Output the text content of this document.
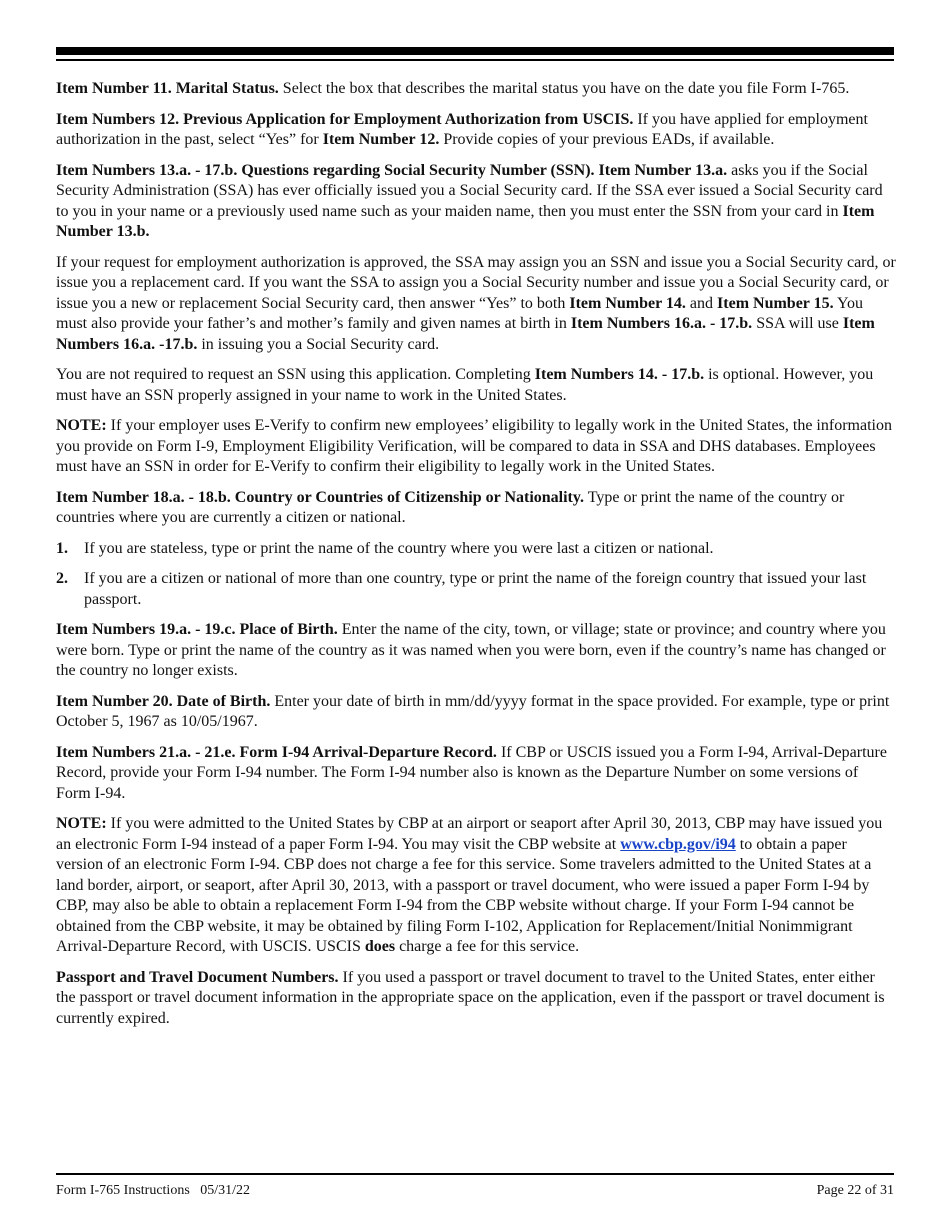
Item Number 11. Marital Status. Select the box that describes the marital status you have on the date you file Form I-765.

Item Numbers 12. Previous Application for Employment Authorization from USCIS. If you have applied for employment authorization in the past, select “Yes” for Item Number 12. Provide copies of your previous EADs, if available.

Item Numbers 13.a. - 17.b. Questions regarding Social Security Number (SSN). Item Number 13.a. asks you if the Social Security Administration (SSA) has ever officially issued you a Social Security card. If the SSA ever issued a Social Security card to you in your name or a previously used name such as your maiden name, then you must enter the SSN from your card in Item Number 13.b.

If your request for employment authorization is approved, the SSA may assign you an SSN and issue you a Social Security card, or issue you a replacement card. If you want the SSA to assign you a Social Security number and issue you a Social Security card, or issue you a new or replacement Social Security card, then answer “Yes” to both Item Number 14. and Item Number 15. You must also provide your father’s and mother’s family and given names at birth in Item Numbers 16.a. - 17.b. SSA will use Item Numbers 16.a. -17.b. in issuing you a Social Security card.

You are not required to request an SSN using this application. Completing Item Numbers 14. - 17.b. is optional. However, you must have an SSN properly assigned in your name to work in the United States.

NOTE: If your employer uses E-Verify to confirm new employees’ eligibility to legally work in the United States, the information you provide on Form I-9, Employment Eligibility Verification, will be compared to data in SSA and DHS databases. Employees must have an SSN in order for E-Verify to confirm their eligibility to legally work in the United States.

Item Number 18.a. - 18.b. Country or Countries of Citizenship or Nationality. Type or print the name of the country or countries where you are currently a citizen or national.

1.	If you are stateless, type or print the name of the country where you were last a citizen or national.
2.	If you are a citizen or national of more than one country, type or print the name of the foreign country that issued your last passport.

Item Numbers 19.a. - 19.c. Place of Birth. Enter the name of the city, town, or village; state or province; and country where you were born. Type or print the name of the country as it was named when you were born, even if the country’s name has changed or the country no longer exists.

Item Number 20. Date of Birth. Enter your date of birth in mm/dd/yyyy format in the space provided. For example, type or print October 5, 1967 as 10/05/1967.

Item Numbers 21.a. - 21.e. Form I-94 Arrival-Departure Record. If CBP or USCIS issued you a Form I-94, Arrival-Departure Record, provide your Form I-94 number. The Form I-94 number also is known as the Departure Number on some versions of Form I-94.

NOTE: If you were admitted to the United States by CBP at an airport or seaport after April 30, 2013, CBP may have issued you an electronic Form I-94 instead of a paper Form I-94. You may visit the CBP website at www.cbp.gov/i94 to obtain a paper version of an electronic Form I-94. CBP does not charge a fee for this service. Some travelers admitted to the United States at a land border, airport, or seaport, after April 30, 2013, with a passport or travel document, who were issued a paper Form I-94 by CBP, may also be able to obtain a replacement Form I-94 from the CBP website without charge. If your Form I-94 cannot be obtained from the CBP website, it may be obtained by filing Form I-102, Application for Replacement/Initial Nonimmigrant Arrival-Departure Record, with USCIS. USCIS does charge a fee for this service.

Passport and Travel Document Numbers. If you used a passport or travel document to travel to the United States, enter either the passport or travel document information in the appropriate space on the application, even if the passport or travel document is currently expired.

Form I-765 Instructions   05/31/22	Page 22 of 31
